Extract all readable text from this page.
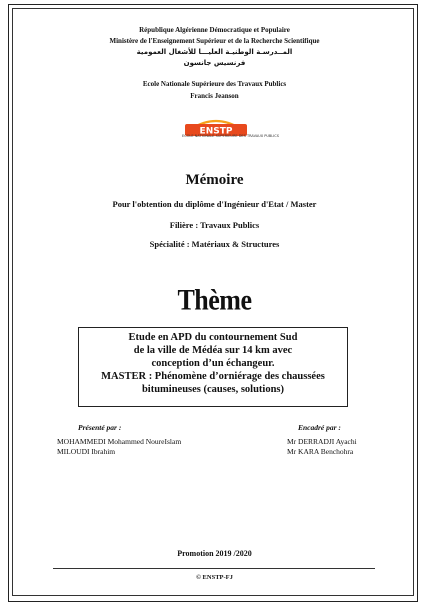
République Algérienne Démocratique et Populaire
Ministère de l'Enseignement Supérieur et de la Recherche Scientifique
المــدرسـة الوطنيـة العليـــا للأشغال العمومية
فرنسيس جانسون
Ecole Nationale Supérieure des Travaux Publics
Francis Jeanson
ENSTP
ECOLE NATIONALE SUPERIEURE DES TRAVAUX PUBLICS
Mémoire
Pour l'obtention du diplôme d'Ingénieur d'Etat / Master
Filière : Travaux Publics
Spécialité : Matériaux & Structures
Thème
Etude en APD du contournement Sud
de la ville de Médéa sur 14 km avec
conception d’un échangeur.
MASTER : Phénomène d’orniérage des chaussées
bitumineuses (causes, solutions)
Présenté par :
MOHAMMEDI Mohammed NoureIslam
MILOUDI Ibrahim
Encadré par :
Mr DERRADJI Ayachi
Mr KARA Benchohra
Promotion 2019 /2020
© ENSTP-FJ
